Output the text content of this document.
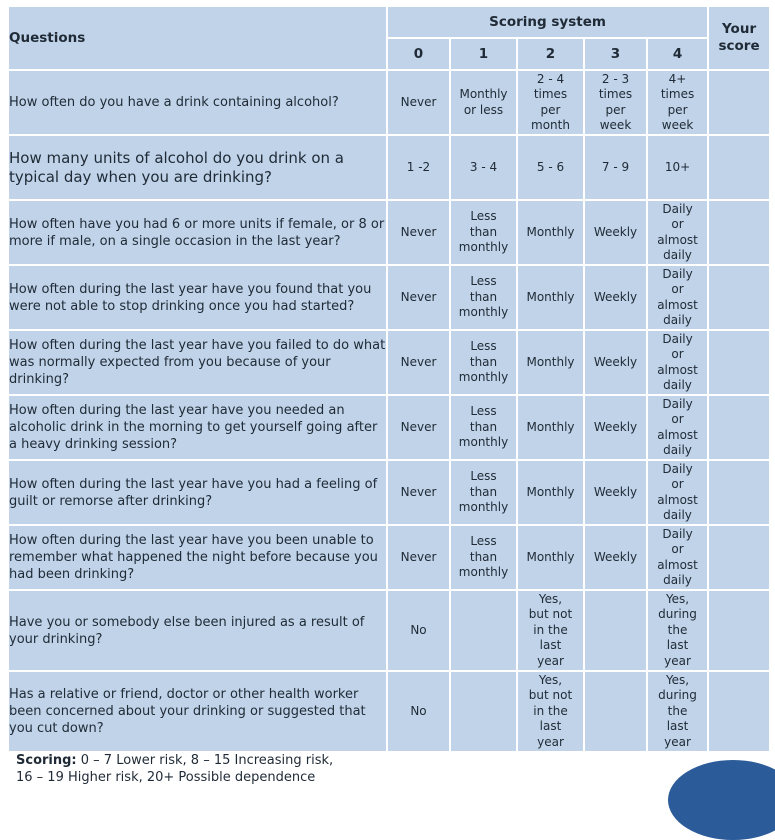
Questions	Scoring system					Your
score
	0	1	2	3	4	
How often do you have a drink containing alcohol?	Never	Monthly
or less	2 - 4
times
per
month	2 - 3
times
per
week	4+
times
per
week	

How many units of alcohol do you drink on a typical day when you are drinking?	1 -2	3 - 4	5 - 6	7 - 9	10+	

How often have you had 6 or more units if female, or 8 or more if male, on a single occasion in the last year?	Never	Less
than
monthly	Monthly	Weekly	Daily
or
almost
daily	

How often during the last year have you found that you were not able to stop drinking once you had started?	Never	Less
than
monthly	Monthly	Weekly	Daily
or
almost
daily	

How often during the last year have you failed to do what was normally expected from you because of your drinking?	Never	Less
than
monthly	Monthly	Weekly	Daily
or
almost
daily	

How often during the last year have you needed an alcoholic drink in the morning to get yourself going after a heavy drinking session?	Never	Less
than
monthly	Monthly	Weekly	Daily
or
almost
daily	

How often during the last year have you had a feeling of guilt or remorse after drinking?	Never	Less
than
monthly	Monthly	Weekly	Daily
or
almost
daily	

How often during the last year have you been unable to remember what happened the night before because you had been drinking?	Never	Less
than
monthly	Monthly	Weekly	Daily
or
almost
daily	

Have you or somebody else been injured as a result of your drinking?	No		Yes,
but not
in the
last
year		Yes,
during
the
last
year	

Has a relative or friend, doctor or other health worker been concerned about your drinking or suggested that you cut down?	No		Yes,
but not
in the
last
year		Yes,
during
the
last
year	

Scoring: 0 – 7 Lower risk, 8 – 15 Increasing risk,
16 – 19 Higher risk, 20+ Possible dependence
